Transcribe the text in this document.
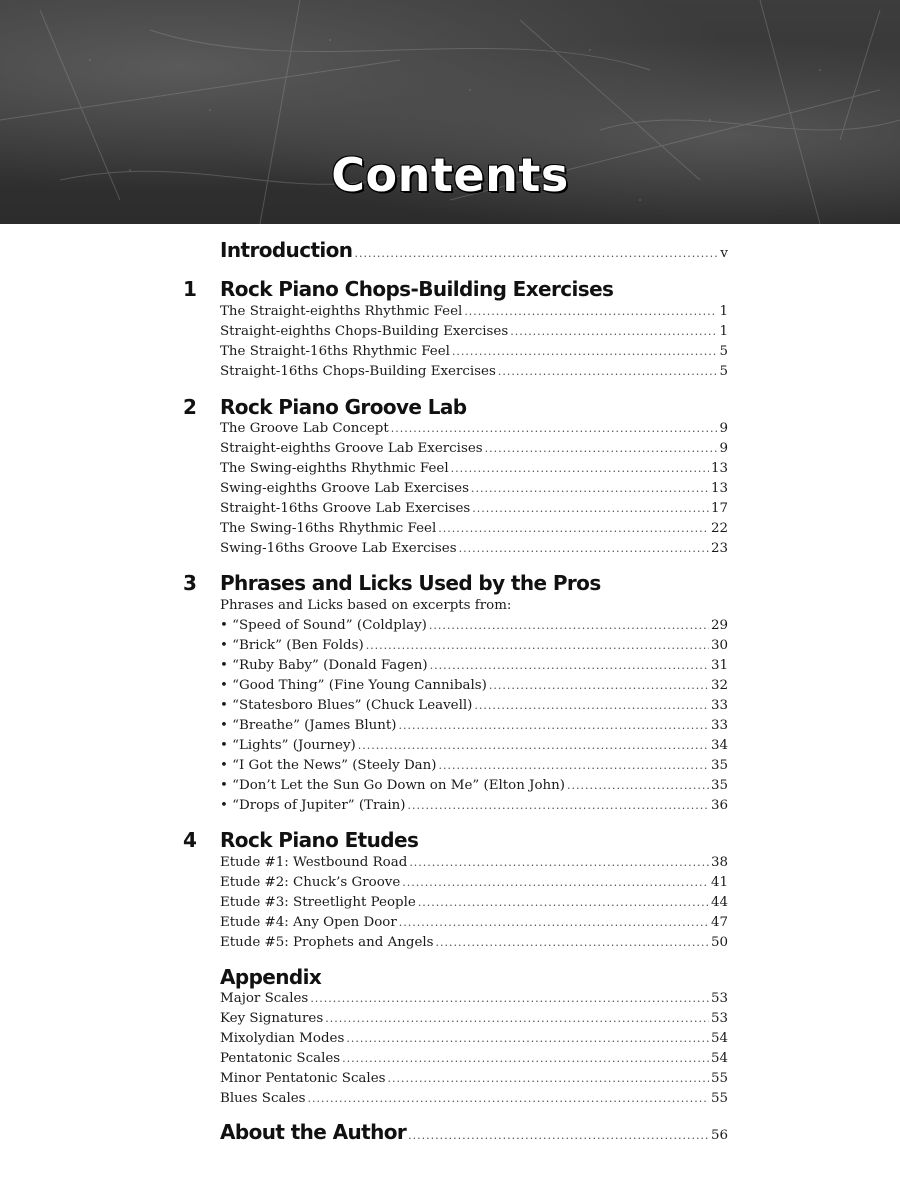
Contents
Introduction .....	v
1 Rock Piano Chops-Building Exercises
The Straight-eighths Rhythmic Feel .....	1
Straight-eighths Chops-Building Exercises .....	1
The Straight-16ths Rhythmic Feel .....	5
Straight-16ths Chops-Building Exercises .....	5
2 Rock Piano Groove Lab
The Groove Lab Concept .....	9
Straight-eighths Groove Lab Exercises .....	9
The Swing-eighths Rhythmic Feel .....	13
Swing-eighths Groove Lab Exercises .....	13
Straight-16ths Groove Lab Exercises .....	17
The Swing-16ths Rhythmic Feel .....	22
Swing-16ths Groove Lab Exercises .....	23
3 Phrases and Licks Used by the Pros
Phrases and Licks based on excerpts from:
• “Speed of Sound” (Coldplay) .....	29
• “Brick” (Ben Folds) .....	30
• “Ruby Baby” (Donald Fagen) .....	31
• “Good Thing” (Fine Young Cannibals) .....	32
• “Statesboro Blues” (Chuck Leavell) .....	33
• “Breathe” (James Blunt) .....	33
• “Lights” (Journey) .....	34
• “I Got the News” (Steely Dan) .....	35
• “Don’t Let the Sun Go Down on Me” (Elton John) .....	35
• “Drops of Jupiter” (Train) .....	36
4 Rock Piano Etudes
Etude #1: Westbound Road .....	38
Etude #2: Chuck’s Groove .....	41
Etude #3: Streetlight People .....	44
Etude #4: Any Open Door .....	47
Etude #5: Prophets and Angels .....	50
Appendix
Major Scales .....	53
Key Signatures .....	53
Mixolydian Modes .....	54
Pentatonic Scales .....	54
Minor Pentatonic Scales .....	55
Blues Scales .....	55
About the Author .....	56
